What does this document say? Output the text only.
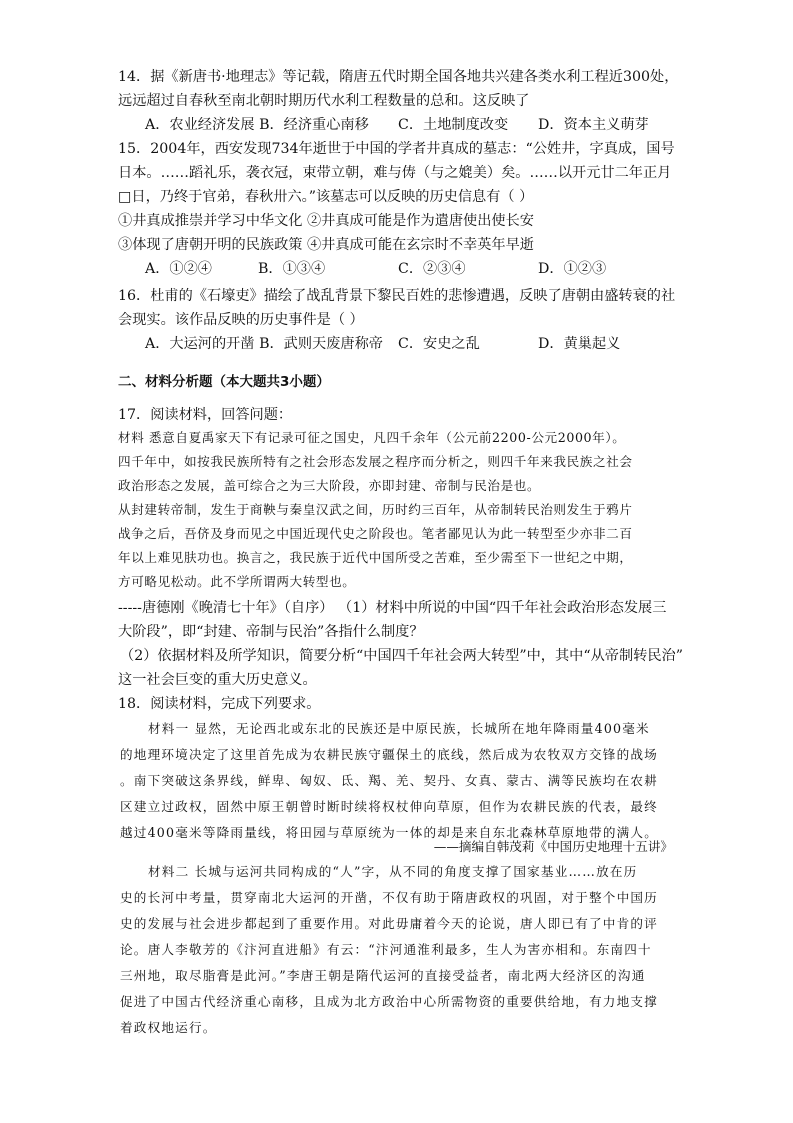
14．据《新唐书·地理志》等记载，隋唐五代时期全国各地共兴建各类水利工程近300处，
远远超过自春秋至南北朝时期历代水利工程数量的总和。这反映了
A．农业经济发展 B．经济重心南移 C．土地制度改变 D．资本主义萌芽
15．2004年，西安发现734年逝世于中国的学者井真成的墓志：“公姓井，字真成，国号
日本。……蹈礼乐，袭衣冠，束带立朝，难与俦（与之媲美）矣。……以开元廿二年正月
□日，乃终于官弟，春秋卅六。”该墓志可以反映的历史信息有（ ）
①井真成推崇并学习中华文化 ②井真成可能是作为遣唐使出使长安
③体现了唐朝开明的民族政策 ④井真成可能在玄宗时不幸英年早逝
A．①②④	B．①③④	C．②③④	D．①②③
16．杜甫的《石壕吏》描绘了战乱背景下黎民百姓的悲惨遭遇，反映了唐朝由盛转衰的社
会现实。该作品反映的历史事件是（ ）
A．大运河的开凿 B．武则天废唐称帝 C．安史之乱	D．黄巢起义
二、材料分析题（本大题共3小题）
17．阅读材料，回答问题：
材料 悉意自夏禹家天下有记录可征之国史，凡四千余年（公元前2200-公元2000年）。
四千年中，如按我民族所特有之社会形态发展之程序而分析之，则四千年来我民族之社会
政治形态之发展，盖可综合之为三大阶段，亦即封建、帝制与民治是也。
从封建转帝制，发生于商鞅与秦皇汉武之间，历时约三百年，从帝制转民治则发生于鸦片
战争之后，吾侪及身而见之中国近现代史之阶段也。笔者鄙见认为此一转型至少亦非二百
年以上难见肤功也。换言之，我民族于近代中国所受之苦难，至少需至下一世纪之中期，
方可略见松动。此不学所谓两大转型也。
-----唐德刚《晚清七十年》（自序） （1）材料中所说的中国“四千年社会政治形态发展三
大阶段”，即“封建、帝制与民治”各指什么制度？
（2）依据材料及所学知识，简要分析“中国四千年社会两大转型”中，其中“从帝制转民治”
这一社会巨变的重大历史意义。
18．阅读材料，完成下列要求。
材料一 显然，无论西北或东北的民族还是中原民族，长城所在地年降雨量400毫米
的地理环境决定了这里首先成为农耕民族守疆保土的底线，然后成为农牧双方交锋的战场
。南下突破这条界线，鲜卑、匈奴、氐、羯、羌、契丹、女真、蒙古、满等民族均在农耕
区建立过政权，固然中原王朝曾时断时续将权杖伸向草原，但作为农耕民族的代表，最终
越过400毫米等降雨量线，将田园与草原统为一体的却是来自东北森林草原地带的满人。
——摘编自韩茂莉《中国历史地理十五讲》
材料二 长城与运河共同构成的“人”字，从不同的角度支撑了国家基业……放在历
史的长河中考量，贯穿南北大运河的开凿，不仅有助于隋唐政权的巩固，对于整个中国历
史的发展与社会进步都起到了重要作用。对此毋庸着今天的论说，唐人即已有了中肯的评
论。唐人李敬芳的《汴河直进船》有云：“汴河通淮利最多，生人为害亦相和。东南四十
三州地，取尽脂膏是此河。”李唐王朝是隋代运河的直接受益者，南北两大经济区的沟通
促进了中国古代经济重心南移，且成为北方政治中心所需物资的重要供给地，有力地支撑
着政权地运行。
